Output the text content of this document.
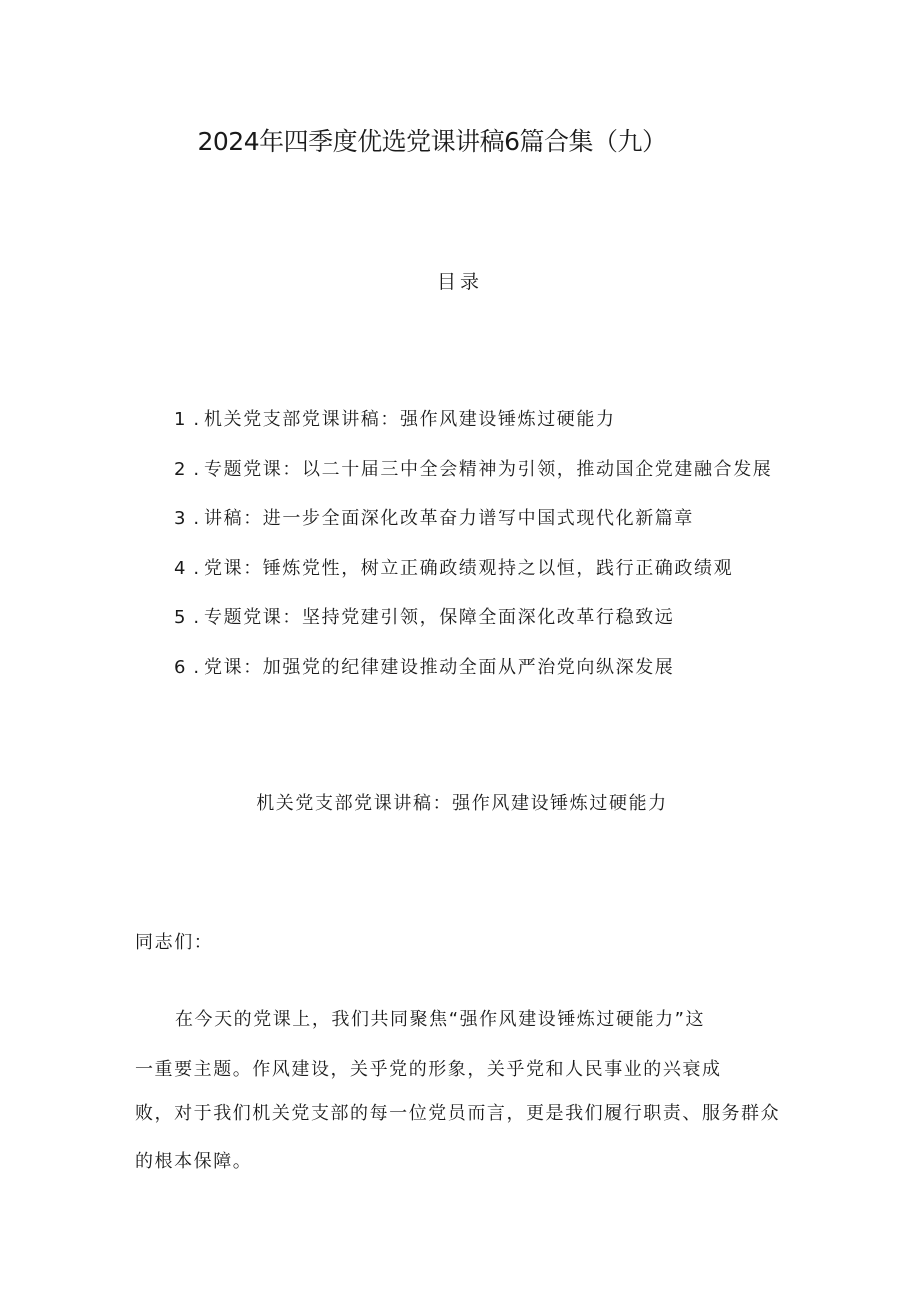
2024年四季度优选党课讲稿6篇合集（九）
目录
1 . 机关党支部党课讲稿：强作风建设锤炼过硬能力
2 . 专题党课：以二十届三中全会精神为引领，推动国企党建融合发展
3 . 讲稿：进一步全面深化改革奋力谱写中国式现代化新篇章
4 . 党课：锤炼党性，树立正确政绩观持之以恒，践行正确政绩观
5 . 专题党课：坚持党建引领，保障全面深化改革行稳致远
6 . 党课：加强党的纪律建设推动全面从严治党向纵深发展
机关党支部党课讲稿：强作风建设锤炼过硬能力
同志们：
在今天的党课上，我们共同聚焦“强作风建设锤炼过硬能力”这
一重要主题。作风建设，关乎党的形象，关乎党和人民事业的兴衰成
败，对于我们机关党支部的每一位党员而言，更是我们履行职责、服务群众
的根本保障。
